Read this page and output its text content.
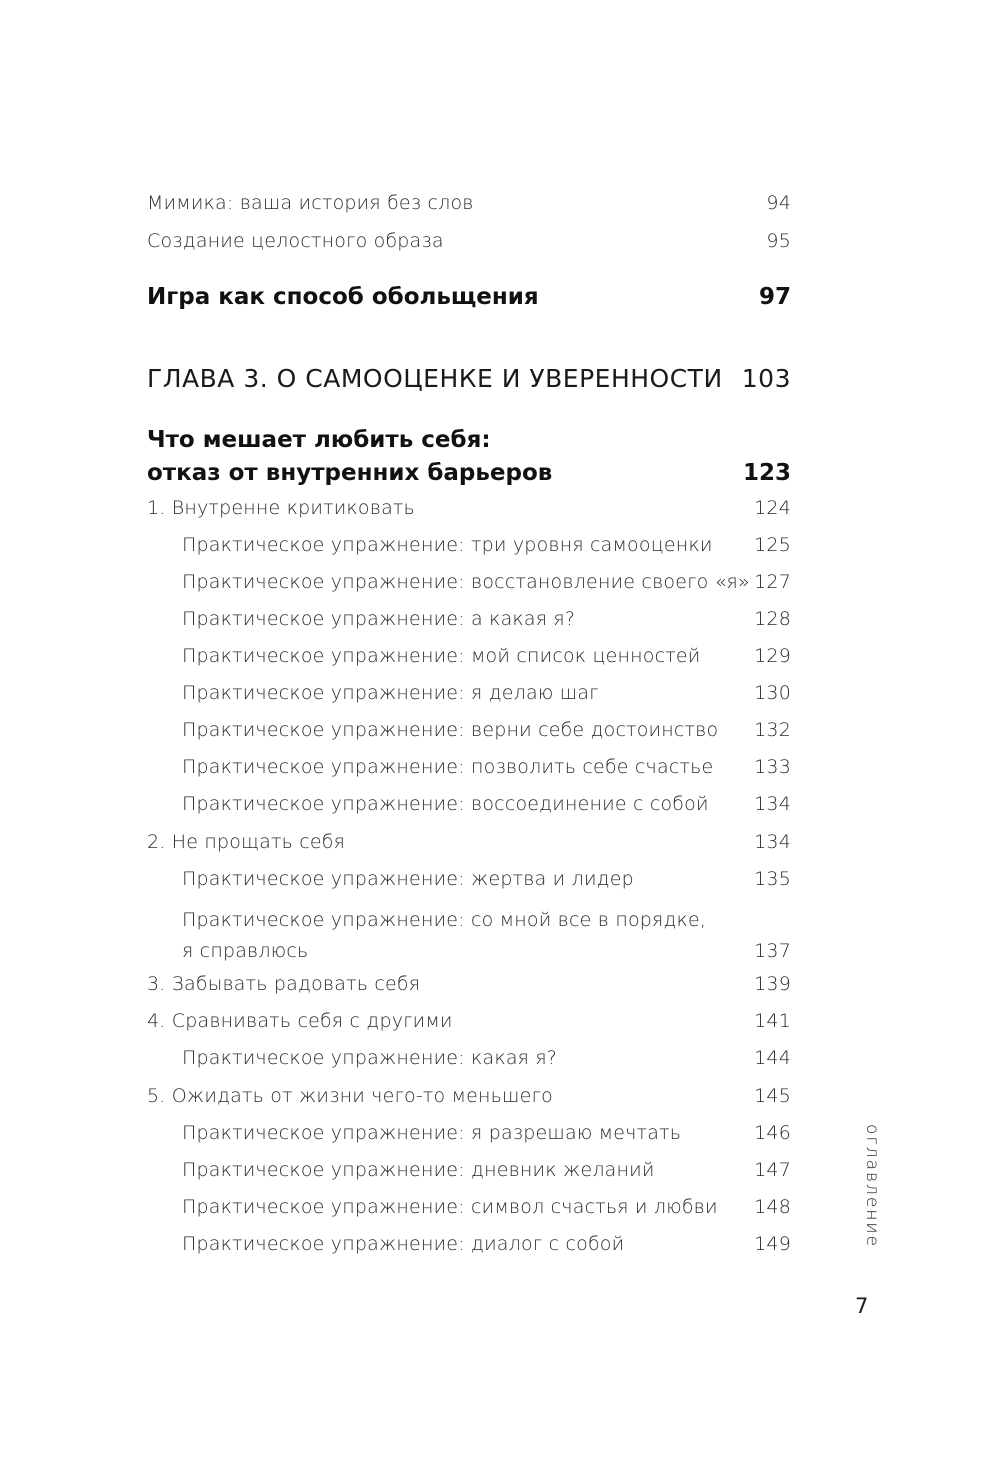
Мимика: ваша история без слов	94
Создание целостного образа	95
Игра как способ обольщения	97
ГЛАВА 3. О САМООЦЕНКЕ И УВЕРЕННОСТИ 103
Что мешает любить себя:
отказ от внутренних барьеров	123
1. Внутренне критиковать	124
Практическое упражнение: три уровня самооценки 125
Практическое упражнение: восстановление своего «я» 127
Практическое упражнение: а какая я?	128
Практическое упражнение: мой список ценностей	129
Практическое упражнение: я делаю шаг	130
Практическое упражнение: верни себе достоинство 132
Практическое упражнение: позволить себе счастье 133
Практическое упражнение: воссоединение с собой 134
2. Не прощать себя	134
Практическое упражнение: жертва и лидер	135
Практическое упражнение: со мной все в порядке,
я справлюсь	137
3. Забывать радовать себя	139
4. Сравнивать себя с другими	141
Практическое упражнение: какая я?	144
5. Ожидать от жизни чего-то меньшего	145
Практическое упражнение: я разрешаю мечтать	146
Практическое упражнение: дневник желаний	147
Практическое упражнение: символ счастья и любви 148
Практическое упражнение: диалог с собой	149	оглавление
7
